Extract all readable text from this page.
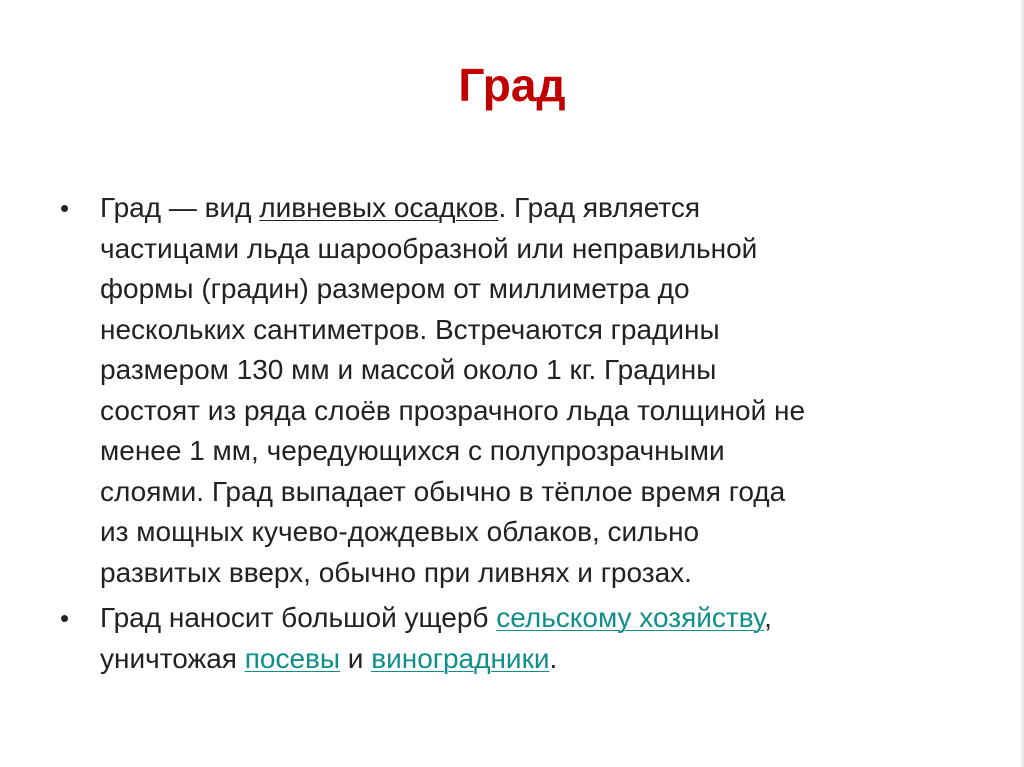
Град
• Град — вид ливневых осадков. Град является
частицами льда шарообразной или неправильной
формы (градин) размером от миллиметра до
нескольких сантиметров. Встречаются градины
размером 130 мм и массой около 1 кг. Градины
состоят из ряда слоёв прозрачного льда толщиной не
менее 1 мм, чередующихся с полупрозрачными
слоями. Град выпадает обычно в тёплое время года
из мощных кучево-дождевых облаков, сильно
развитых вверх, обычно при ливнях и грозах.
• Град наносит большой ущерб сельскому хозяйству,
уничтожая посевы и виноградники.
